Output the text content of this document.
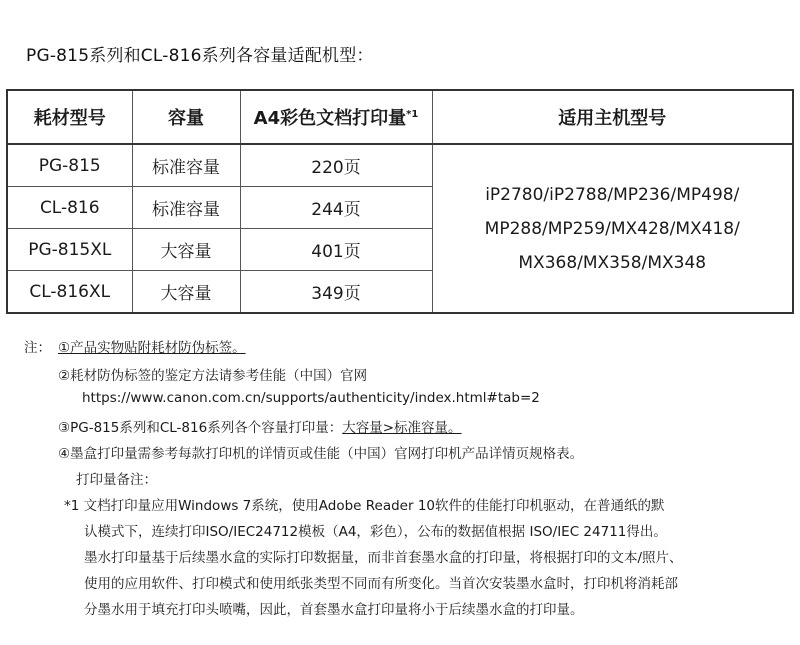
PG-815系列和CL-816系列各容量适配机型：
耗材型号	容量	A4彩色文档打印量$^{*1}$	适用主机型号
PG-815	标准容量	220页	iP2780/iP2788/MP236/MP498/
MP288/MP259/MX428/MX418/
MX368/MX358/MX348

CL-816	标准容量	244页	
PG-815XL	大容量	401页	
CL-816XL	大容量	349页	
注： ①产品实物贴附耗材防伪标签。
②耗材防伪标签的鉴定方法请参考佳能（中国）官网
https://www.canon.com.cn/supports/authenticity/index.html#tab=2
③PG-815系列和CL-816系列各个容量打印量：大容量>标准容量。
④墨盒打印量需参考每款打印机的详情页或佳能（中国）官网打印机产品详情页规格表。
打印量备注：
*1 文档打印量应用Windows 7系统，使用Adobe Reader 10软件的佳能打印机驱动，在普通纸的默
认模式下，连续打印ISO/IEC24712模板（A4，彩色），公布的数据值根据 ISO/IEC 24711得出。
墨水打印量基于后续墨水盒的实际打印数据量，而非首套墨水盒的打印量，将根据打印的文本/照片、
使用的应用软件、打印模式和使用纸张类型不同而有所变化。当首次安装墨水盒时，打印机将消耗部
分墨水用于填充打印头喷嘴，因此，首套墨水盒打印量将小于后续墨水盒的打印量。
